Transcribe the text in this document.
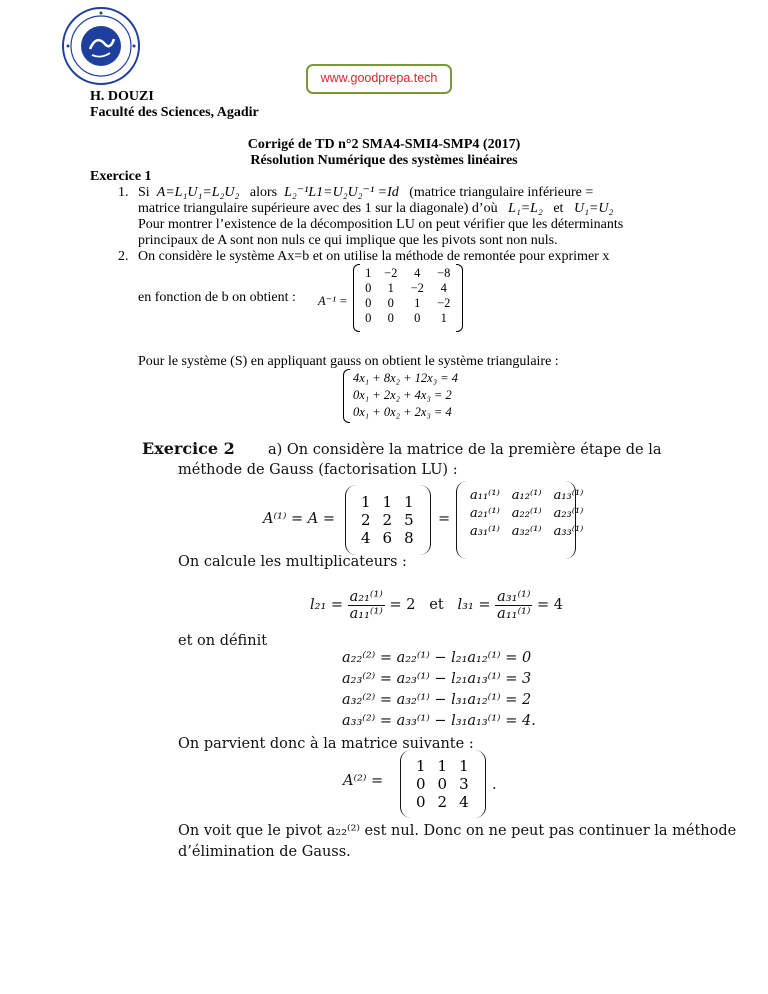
www.goodprepa.tech
H. DOUZI
Faculté des Sciences, Agadir
Corrigé de TD n°2 SMA4-SMI4-SMP4 (2017)
Résolution Numérique des systèmes linéaires
Exercice 1
1. Si A=L₁U₁=L₂U₂ alors L₂⁻¹L1=U₂U₂⁻¹ =Id (matrice triangulaire inférieure =
matrice triangulaire supérieure avec des 1 sur la diagonale) d’où L₁=L₂ et U₁=U₂
Pour montrer l’existence de la décomposition LU on peut vérifier que les déterminants
principaux de A sont non nuls ce qui implique que les pivots sont non nuls.
2. On considère le système Ax=b et on utilise la méthode de remontée pour exprimer x
en fonction de b on obtient : A⁻¹ =
1	−2	4	−8
0	1	−2	4
0	0	1	−2
0	0	0	1
Pour le système (S) en appliquant gauss on obtient le système triangulaire :
4x₁ + 8x₂ + 12x₃ = 4
0x₁ + 2x₂ + 4x₃ = 2
0x₁ + 0x₂ + 2x₃ = 4
Exercice 2 a) On considère la matrice de la première étape de la
méthode de Gauss (factorisation LU) :
A⁽¹⁾ = A =
1	1	1
2	2	5
4	6	8
=
a₁₁⁽¹⁾	a₁₂⁽¹⁾	a₁₃⁽¹⁾
a₂₁⁽¹⁾	a₂₂⁽¹⁾	a₂₃⁽¹⁾
a₃₁⁽¹⁾	a₃₂⁽¹⁾	a₃₃⁽¹⁾
On calcule les multiplicateurs :
l₂₁ =
$\frac{\text{a₂₁⁽¹⁾}}{\text{a₁₁⁽¹⁾}}$
= 2
et
l₃₁ =
$\frac{\text{a₃₁⁽¹⁾}}{\text{a₁₁⁽¹⁾}}$
= 4
et on définit
a₂₂⁽²⁾ = a₂₂⁽¹⁾ − l₂₁a₁₂⁽¹⁾ = 0
a₂₃⁽²⁾ = a₂₃⁽¹⁾ − l₂₁a₁₃⁽¹⁾ = 3
a₃₂⁽²⁾ = a₃₂⁽¹⁾ − l₃₁a₁₂⁽¹⁾ = 2
a₃₃⁽²⁾ = a₃₃⁽¹⁾ − l₃₁a₁₃⁽¹⁾ = 4.
On parvient donc à la matrice suivante :
A⁽²⁾ =
1	1	1
0	0	3
0	2	4
.
On voit que le pivot a₂₂⁽²⁾ est nul. Donc on ne peut pas continuer la méthode
d’élimination de Gauss.
